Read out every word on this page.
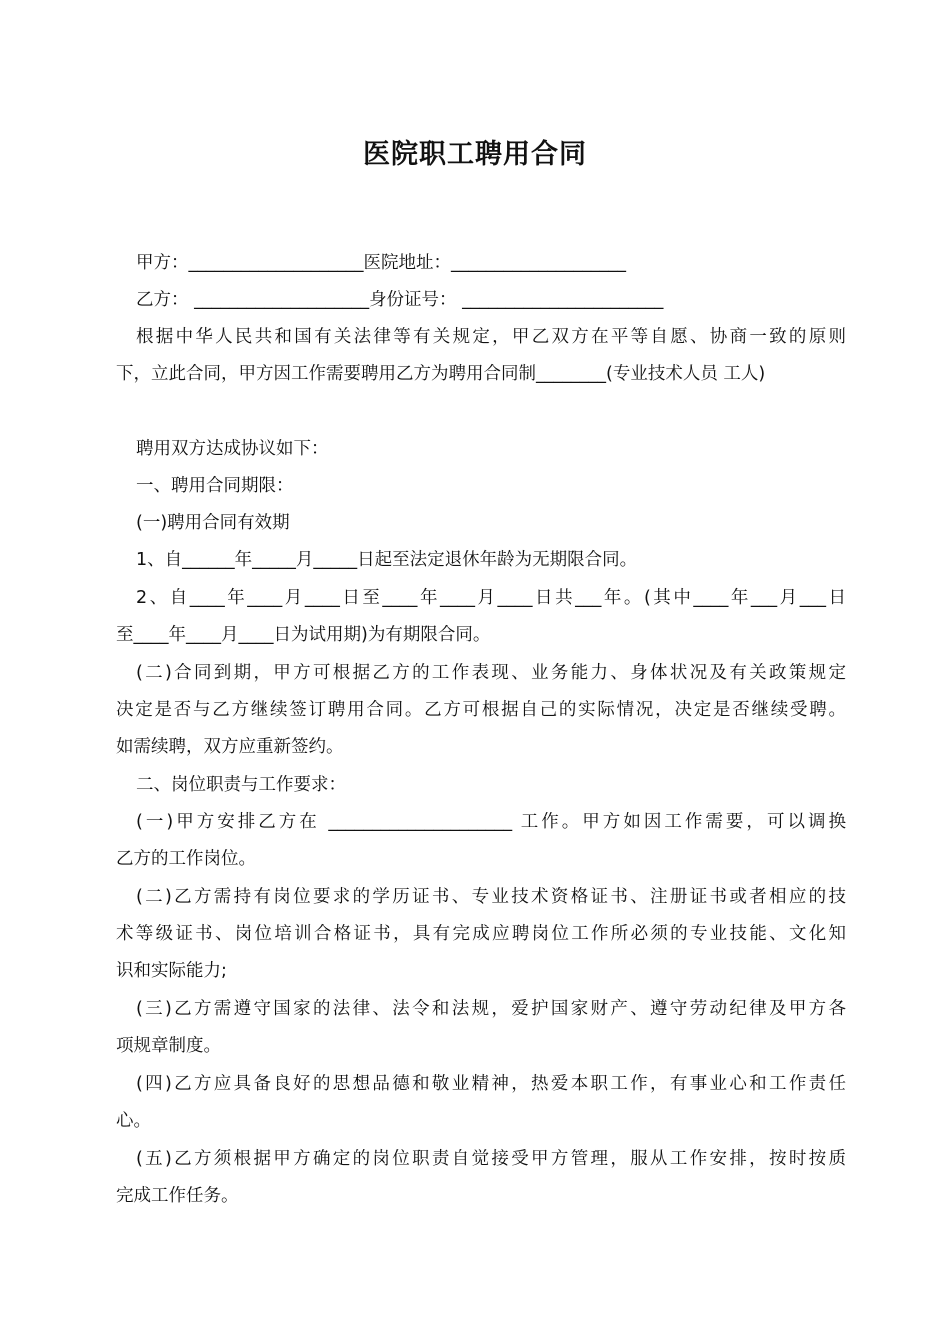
医院职工聘用合同
甲方：____________________医院地址：____________________
乙方： ____________________身份证号： _______________________
根据中华人民共和国有关法律等有关规定，甲乙双方在平等自愿、协商一致的原则
下，立此合同，甲方因工作需要聘用乙方为聘用合同制________(专业技术人员 工人)
聘用双方达成协议如下：
一、聘用合同期限：
(一)聘用合同有效期
1、自______年_____月_____日起至法定退休年龄为无期限合同。
2、自____年____月____日至____年____月____日共___年。(其中____年___月___日
至____年____月____日为试用期)为有期限合同。
(二)合同到期，甲方可根据乙方的工作表现、业务能力、身体状况及有关政策规定
决定是否与乙方继续签订聘用合同。乙方可根据自己的实际情况，决定是否继续受聘。
如需续聘，双方应重新签约。
二、岗位职责与工作要求：
(一)甲方安排乙方在 _____________________ 工作。甲方如因工作需要，可以调换
乙方的工作岗位。
(二)乙方需持有岗位要求的学历证书、专业技术资格证书、注册证书或者相应的技
术等级证书、岗位培训合格证书，具有完成应聘岗位工作所必须的专业技能、文化知
识和实际能力;
(三)乙方需遵守国家的法律、法令和法规，爱护国家财产、遵守劳动纪律及甲方各
项规章制度。
(四)乙方应具备良好的思想品德和敬业精神，热爱本职工作，有事业心和工作责任
心。
(五)乙方须根据甲方确定的岗位职责自觉接受甲方管理，服从工作安排，按时按质
完成工作任务。
